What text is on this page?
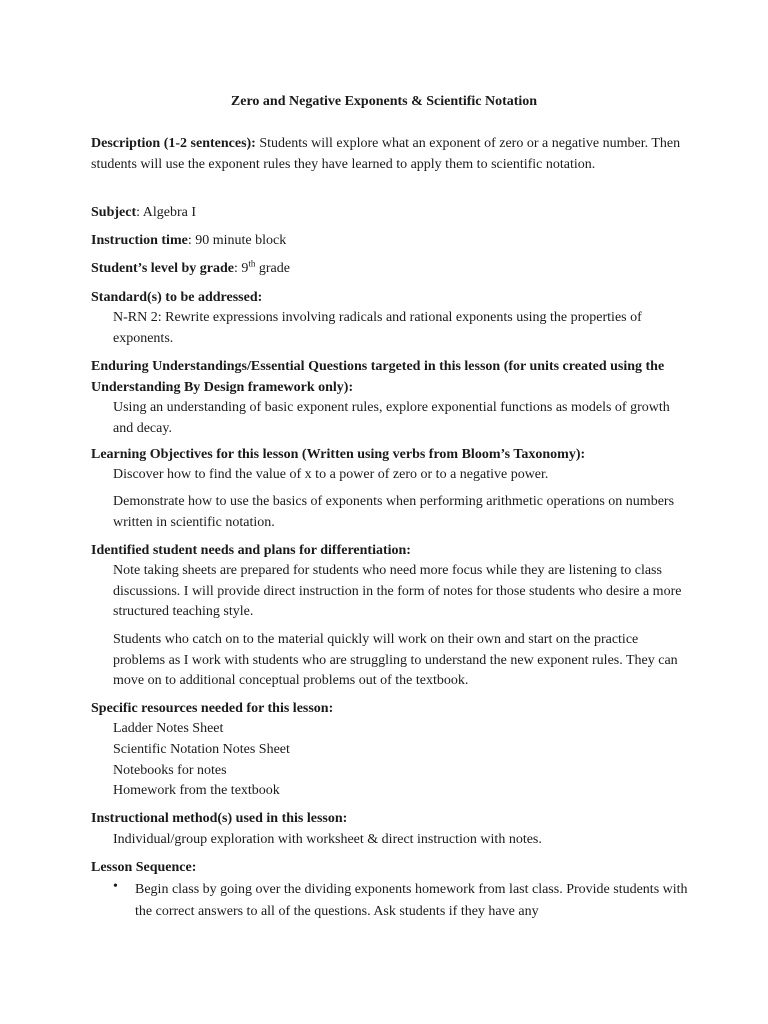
Zero and Negative Exponents & Scientific Notation
Description (1-2 sentences): Students will explore what an exponent of zero or a negative number. Then students will use the exponent rules they have learned to apply them to scientific notation.
Subject: Algebra I
Instruction time: 90 minute block
Student’s level by grade: 9th grade
Standard(s) to be addressed:
N-RN 2: Rewrite expressions involving radicals and rational exponents using the properties of exponents.
Enduring Understandings/Essential Questions targeted in this lesson (for units created using the Understanding By Design framework only):
Using an understanding of basic exponent rules, explore exponential functions as models of growth and decay.
Learning Objectives for this lesson (Written using verbs from Bloom’s Taxonomy):
Discover how to find the value of x to a power of zero or to a negative power.
Demonstrate how to use the basics of exponents when performing arithmetic operations on numbers written in scientific notation.
Identified student needs and plans for differentiation:
Note taking sheets are prepared for students who need more focus while they are listening to class discussions. I will provide direct instruction in the form of notes for those students who desire a more structured teaching style.
Students who catch on to the material quickly will work on their own and start on the practice problems as I work with students who are struggling to understand the new exponent rules. They can move on to additional conceptual problems out of the textbook.
Specific resources needed for this lesson:
Ladder Notes Sheet
Scientific Notation Notes Sheet
Notebooks for notes
Homework from the textbook
Instructional method(s) used in this lesson:
Individual/group exploration with worksheet & direct instruction with notes.
Lesson Sequence:
• Begin class by going over the dividing exponents homework from last class. Provide students with the correct answers to all of the questions. Ask students if they have any
